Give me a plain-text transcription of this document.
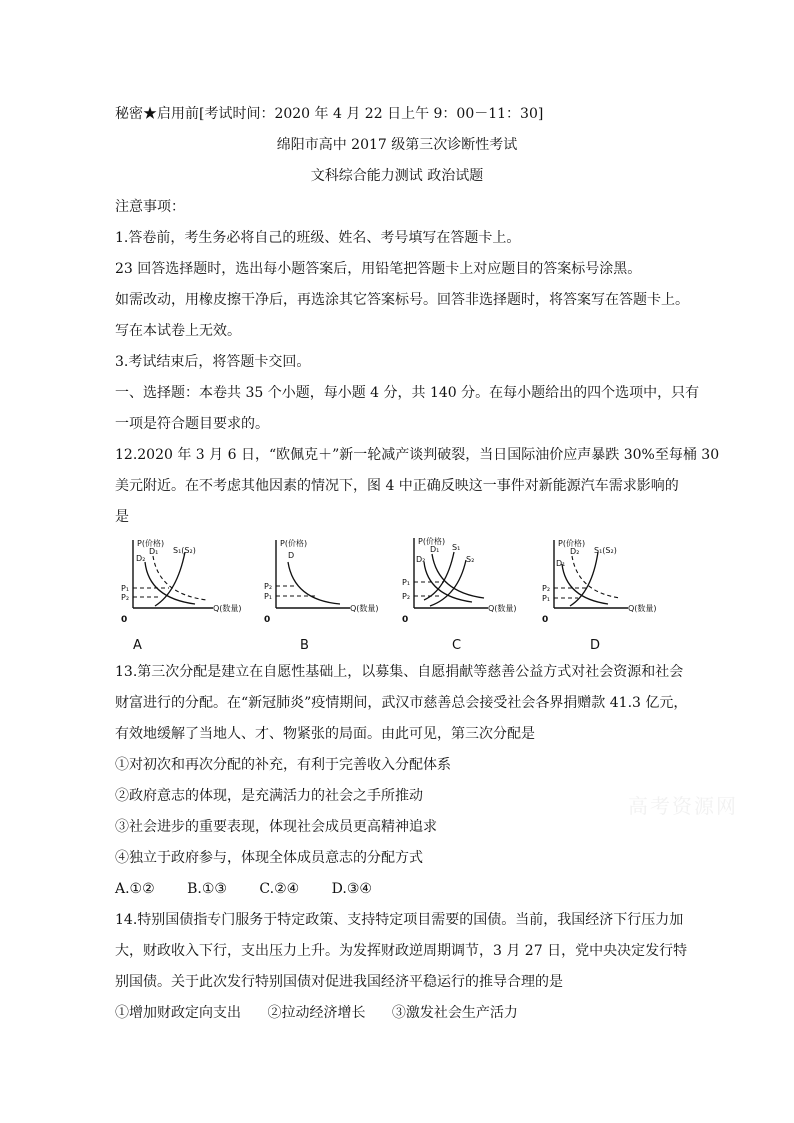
秘密★启用前[考试时间：2020 年 4 月 22 日上午 9：00－11：30]
绵阳市高中 2017 级第三次诊断性考试
文科综合能力测试 政治试题
注意事项：
1.答卷前，考生务必将自己的班级、姓名、考号填写在答题卡上。
23 回答选择题时，选出每小题答案后，用铅笔把答题卡上对应题目的答案标号涂黑。
如需改动，用橡皮擦干净后，再选涂其它答案标号。回答非选择题时，将答案写在答题卡上。
写在本试卷上无效。
3.考试结束后，将答题卡交回。
一、选择题：本卷共 35 个小题，每小题 4 分，共 140 分。在每小题给出的四个选项中，只有
一项是符合题目要求的。
12.2020 年 3 月 6 日，“欧佩克＋”新一轮减产谈判破裂，当日国际油价应声暴跌 30%至每桶 30
美元附近。在不考虑其他因素的情况下，图 4 中正确反映这一事件对新能源汽车需求影响的
是
P(价格)
Q(数量)
0
D₂
D₁ S₁(S₂)
P₁
P₂
A
P(价格)
Q(数量)
0
D
P₂
P₁
B
P(价格)
Q(数量)
0
D₂
D₁ S₁
S₂
P₁
P₂
C
P(价格)
Q(数量)
0
D₁
D₂ S₁(S₂)
P₂
P₁
D
13.第三次分配是建立在自愿性基础上，以募集、自愿捐献等慈善公益方式对社会资源和社会
财富进行的分配。在“新冠肺炎”疫情期间，武汉市慈善总会接受社会各界捐赠款 41.3 亿元，
有效地缓解了当地人、才、物紧张的局面。由此可见，第三次分配是
①对初次和再次分配的补充，有利于完善收入分配体系
②政府意志的体现，是充满活力的社会之手所推动
③社会进步的重要表现，体现社会成员更高精神追求
④独立于政府参与，体现全体成员意志的分配方式
A.①② B.①③ C.②④ D.③④
14.特别国债指专门服务于特定政策、支持特定项目需要的国债。当前，我国经济下行压力加
大，财政收入下行，支出压力上升。为发挥财政逆周期调节，3 月 27 日，党中央决定发行特
别国债。关于此次发行特别国债对促进我国经济平稳运行的推导合理的是
①增加财政定向支出 ②拉动经济增长 ③激发社会生产活力
高考资源网
